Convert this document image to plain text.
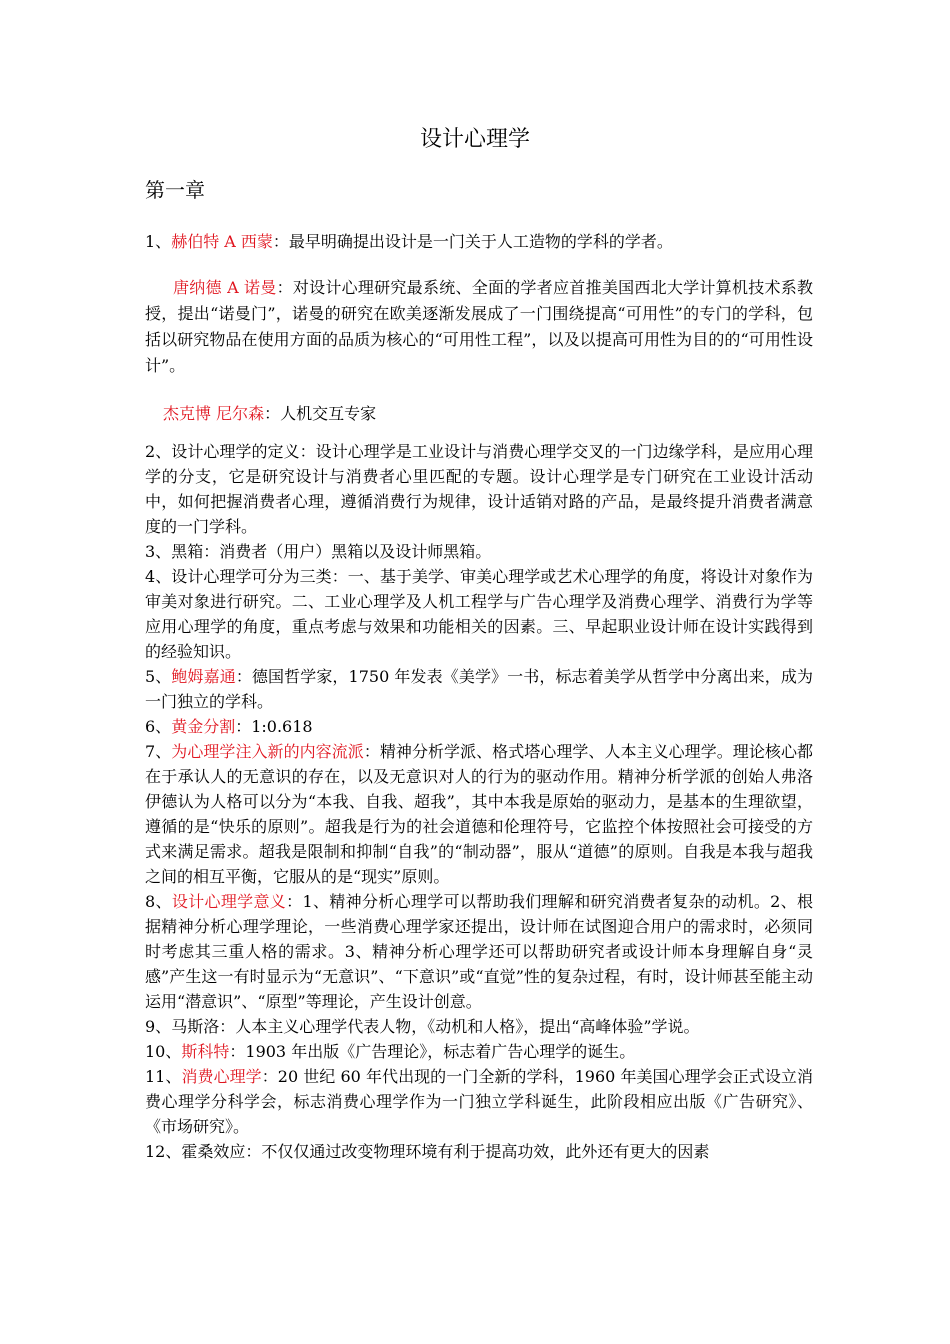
设计心理学
第一章

1、赫伯特 A 西蒙：最早明确提出设计是一门关于人工造物的学科的学者。

唐纳德 A 诺曼：对设计心理研究最系统、全面的学者应首推美国西北大学计算机技术系教授，提出“诺曼门”，诺曼的研究在欧美逐渐发展成了一门围绕提高“可用性”的专门的学科，包括以研究物品在使用方面的品质为核心的“可用性工程”，以及以提高可用性为目的的“可用性设计”。

杰克博 尼尔森：人机交互专家

2、设计心理学的定义：设计心理学是工业设计与消费心理学交叉的一门边缘学科，是应用心理学的分支，它是研究设计与消费者心里匹配的专题。设计心理学是专门研究在工业设计活动中，如何把握消费者心理，遵循消费行为规律，设计适销对路的产品，是最终提升消费者满意度的一门学科。

3、黑箱：消费者（用户）黑箱以及设计师黑箱。

4、设计心理学可分为三类：一、基于美学、审美心理学或艺术心理学的角度，将设计对象作为审美对象进行研究。二、工业心理学及人机工程学与广告心理学及消费心理学、消费行为学等应用心理学的角度，重点考虑与效果和功能相关的因素。三、早起职业设计师在设计实践得到的经验知识。

5、鲍姆嘉通：德国哲学家，1750 年发表《美学》一书，标志着美学从哲学中分离出来，成为一门独立的学科。

6、黄金分割：1:0.618

7、为心理学注入新的内容流派：精神分析学派、格式塔心理学、人本主义心理学。理论核心都在于承认人的无意识的存在，以及无意识对人的行为的驱动作用。精神分析学派的创始人弗洛伊德认为人格可以分为“本我、自我、超我”，其中本我是原始的驱动力，是基本的生理欲望，遵循的是“快乐的原则”。超我是行为的社会道德和伦理符号，它监控个体按照社会可接受的方式来满足需求。超我是限制和抑制“自我”的“制动器”，服从“道德”的原则。自我是本我与超我之间的相互平衡，它服从的是“现实”原则。

8、设计心理学意义：1、精神分析心理学可以帮助我们理解和研究消费者复杂的动机。2、根据精神分析心理学理论，一些消费心理学家还提出，设计师在试图迎合用户的需求时，必须同时考虑其三重人格的需求。3、精神分析心理学还可以帮助研究者或设计师本身理解自身“灵感”产生这一有时显示为“无意识”、“下意识”或“直觉”性的复杂过程，有时，设计师甚至能主动运用“潜意识”、“原型”等理论，产生设计创意。

9、马斯洛：人本主义心理学代表人物，《动机和人格》，提出“高峰体验”学说。

10、斯科特：1903 年出版《广告理论》，标志着广告心理学的诞生。

11、消费心理学：20 世纪 60 年代出现的一门全新的学科，1960 年美国心理学会正式设立消费心理学分科学会，标志消费心理学作为一门独立学科诞生，此阶段相应出版《广告研究》、《市场研究》。

12、霍桑效应：不仅仅通过改变物理环境有利于提高功效，此外还有更大的因素
